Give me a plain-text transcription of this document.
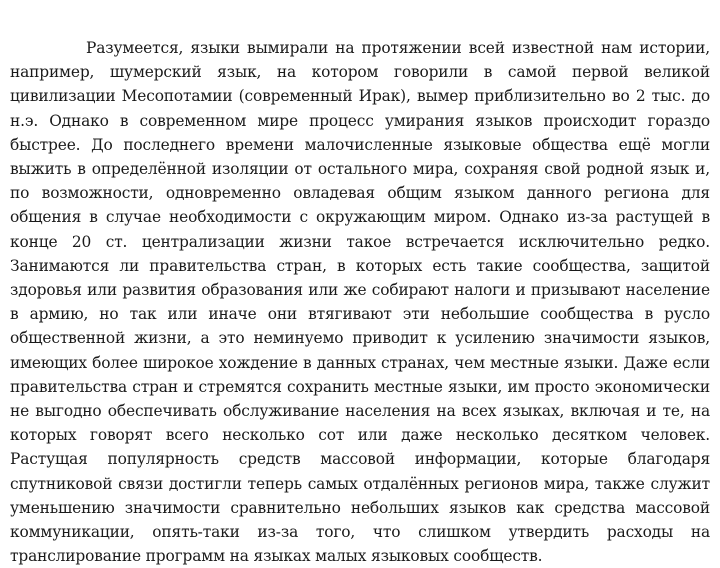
Разумеется, языки вымирали на протяжении всей известной нам истории, например, шумерский язык, на котором говорили в самой первой великой цивилизации Месопотамии (современный Ирак), вымер приблизительно во 2 тыс. до н.э. Однако в современном мире процесс умирания языков происходит гораздо быстрее. До последнего времени малочисленные языковые общества ещё могли выжить в определённой изоляции от остального мира, сохраняя свой родной язык и, по возможности, одновременно овладевая общим языком данного региона для общения в случае необходимости с окружающим миром. Однако из-за растущей в конце 20 ст. централизации жизни такое встречается исключительно редко. Занимаются ли правительства стран, в которых есть такие сообщества, защитой здоровья или развития образования или же собирают налоги и призывают население в армию, но так или иначе они втягивают эти небольшие сообщества в русло общественной жизни, а это неминуемо приводит к усилению значимости языков, имеющих более широкое хождение в данных странах, чем местные языки. Даже если правительства стран и стремятся сохранить местные языки, им просто экономически не выгодно обеспечивать обслуживание населения на всех языках, включая и те, на которых говорят всего несколько сот или даже несколько десятком человек. Растущая популярность средств массовой информации, которые благодаря спутниковой связи достигли теперь самых отдалённых регионов мира, также служит уменьшению значимости сравнительно небольших языков как средства массовой коммуникации, опять-таки из-за того, что слишком утвердить расходы на транслирование программ на языках малых языковых сообществ.
